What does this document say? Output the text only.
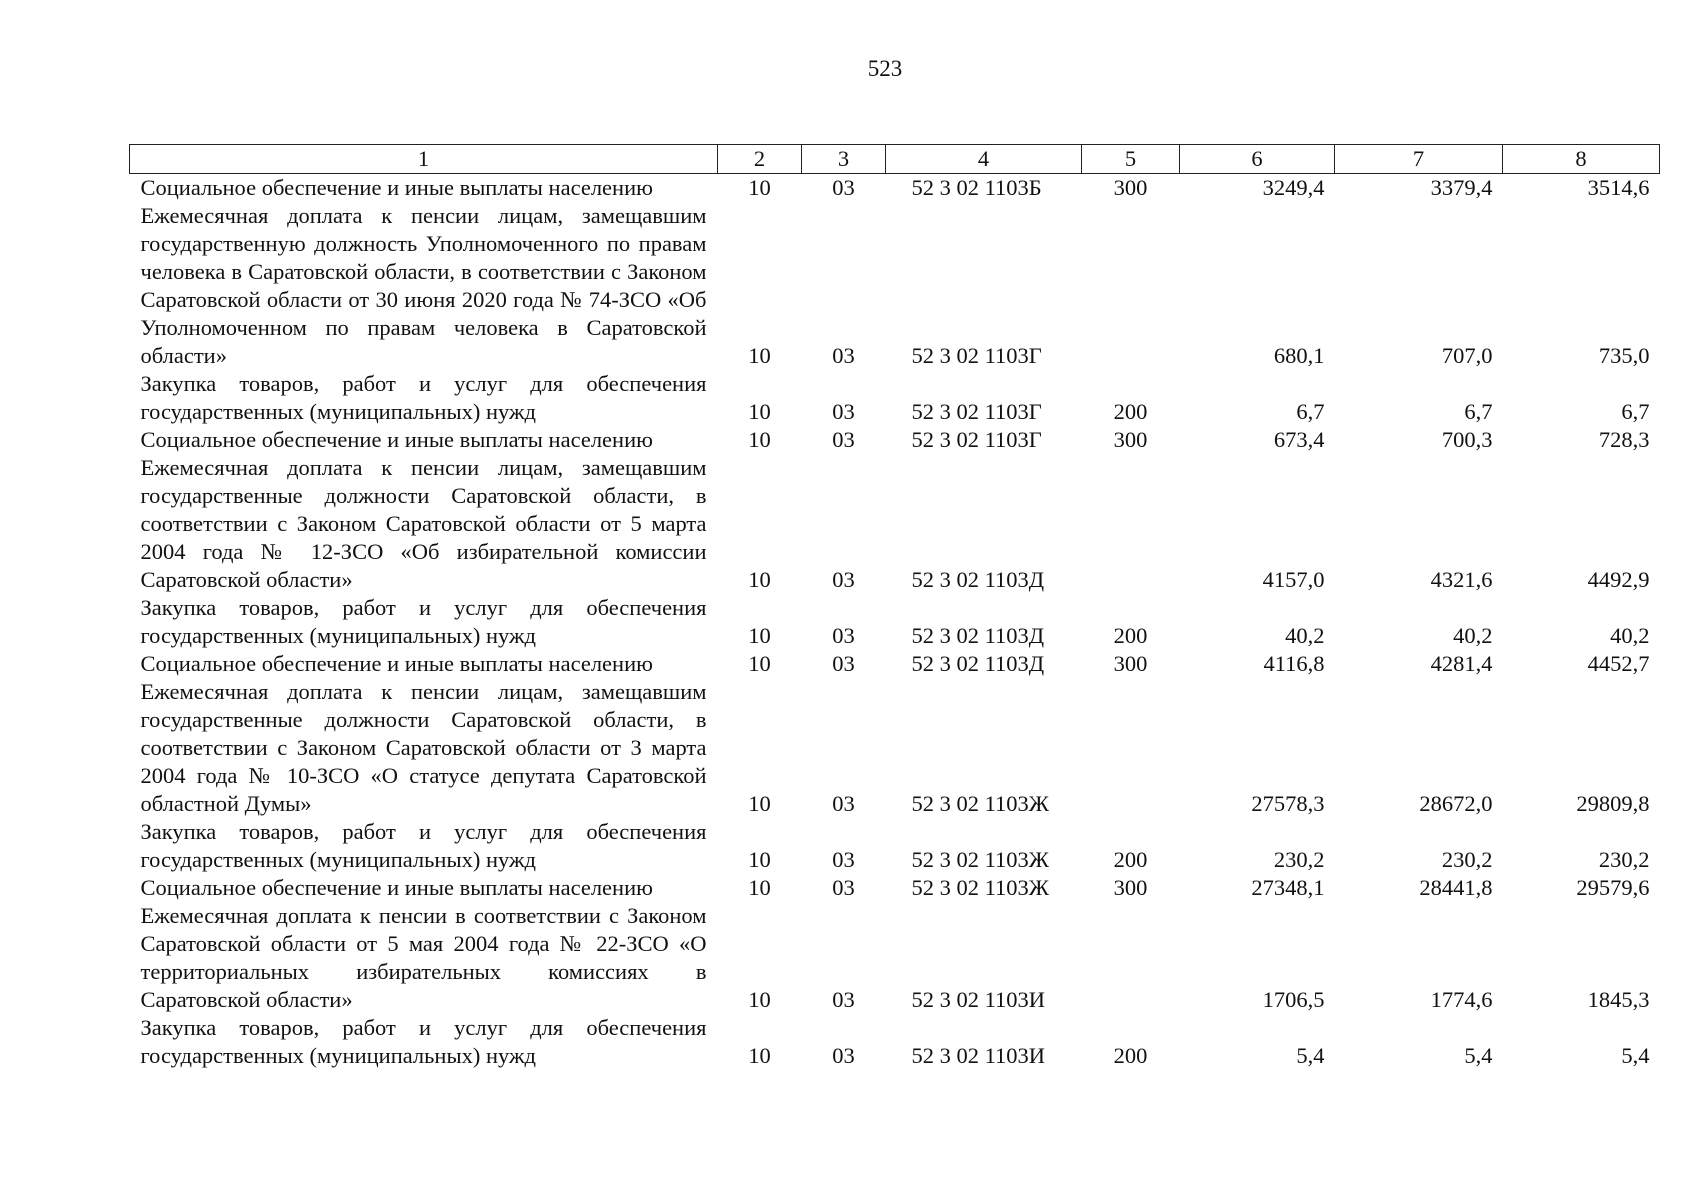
523
1	2	3	4	5	6	7	8
Социальное обеспечение и иные выплаты населению	10	03	52 3 02 1103Б	300	3249,4	3379,4	3514,6
Ежемесячная доплата к пенсии лицам, замещавшим государственную должность Уполномоченного по правам человека в Саратовской области, в соответствии с Законом Саратовской области от 30 июня 2020 года № 74-ЗСО «Об Уполномоченном по правам человека в Саратовской области»	10	03	52 3 02 1103Г		680,1	707,0	735,0
Закупка товаров, работ и услуг для обеспечения государственных (муниципальных) нужд	10	03	52 3 02 1103Г	200	6,7	6,7	6,7
Социальное обеспечение и иные выплаты населению	10	03	52 3 02 1103Г	300	673,4	700,3	728,3
Ежемесячная доплата к пенсии лицам, замещавшим государственные должности Саратовской области, в соответствии с Законом Саратовской области от 5 марта 2004 года № 12-ЗСО «Об избирательной комиссии Саратовской области»	10	03	52 3 02 1103Д		4157,0	4321,6	4492,9
Закупка товаров, работ и услуг для обеспечения государственных (муниципальных) нужд	10	03	52 3 02 1103Д	200	40,2	40,2	40,2
Социальное обеспечение и иные выплаты населению	10	03	52 3 02 1103Д	300	4116,8	4281,4	4452,7
Ежемесячная доплата к пенсии лицам, замещавшим государственные должности Саратовской области, в соответствии с Законом Саратовской области от 3 марта 2004 года № 10-ЗСО «О статусе депутата Саратовской областной Думы»	10	03	52 3 02 1103Ж		27578,3	28672,0	29809,8
Закупка товаров, работ и услуг для обеспечения государственных (муниципальных) нужд	10	03	52 3 02 1103Ж	200	230,2	230,2	230,2
Социальное обеспечение и иные выплаты населению	10	03	52 3 02 1103Ж	300	27348,1	28441,8	29579,6
Ежемесячная доплата к пенсии в соответствии с Законом Саратовской области от 5 мая 2004 года № 22-ЗСО «О территориальных избирательных комиссиях в Саратовской области»	10	03	52 3 02 1103И		1706,5	1774,6	1845,3
Закупка товаров, работ и услуг для обеспечения государственных (муниципальных) нужд	10	03	52 3 02 1103И	200	5,4	5,4	5,4
